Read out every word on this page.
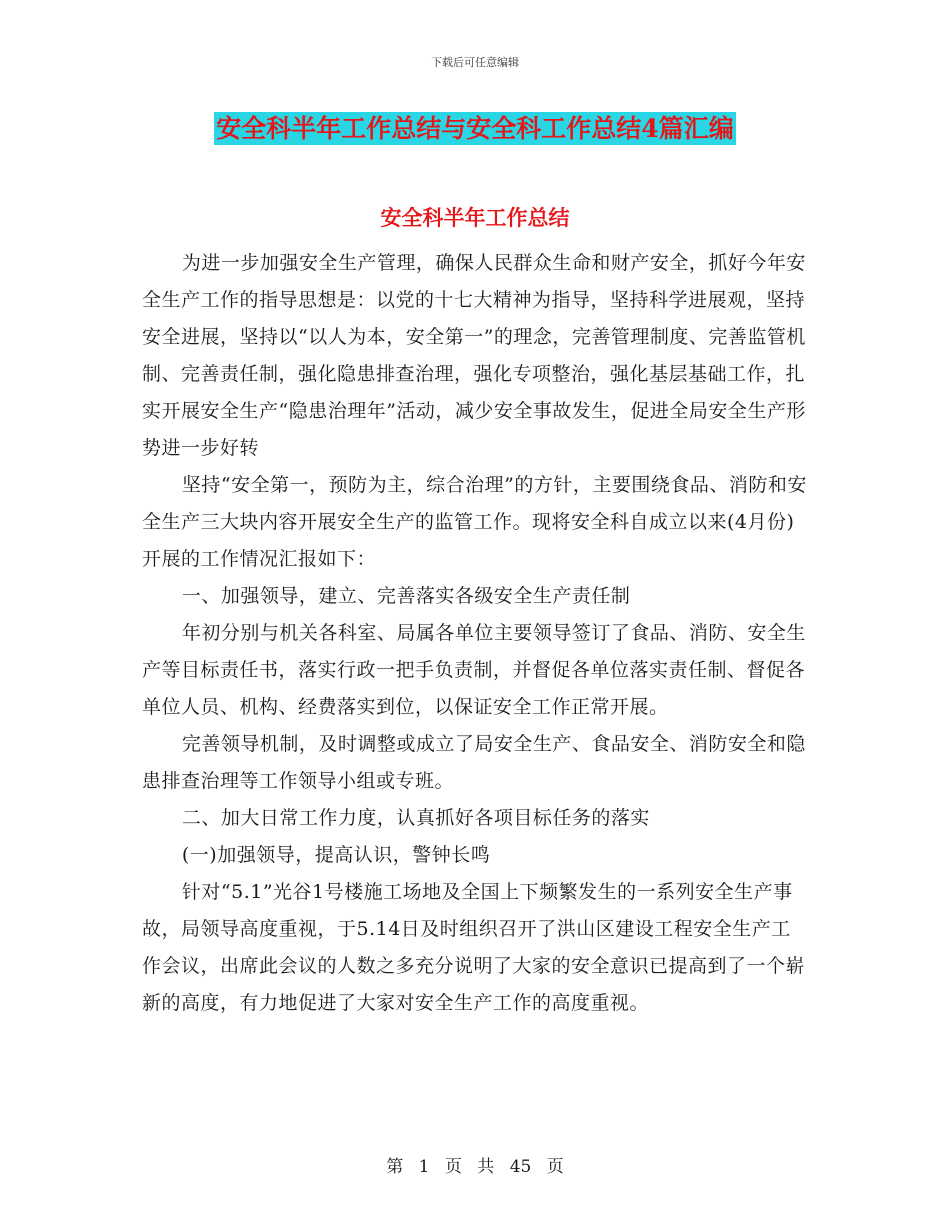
下载后可任意编辑
安全科半年工作总结与安全科工作总结4篇汇编
安全科半年工作总结

为进一步加强安全生产管理，确保人民群众生命和财产安全，抓好今年安全生产工作的指导思想是：以党的十七大精神为指导，坚持科学进展观，坚持安全进展，坚持以“以人为本，安全第一”的理念，完善管理制度、完善监管机制、完善责任制，强化隐患排查治理，强化专项整治，强化基层基础工作，扎实开展安全生产“隐患治理年”活动，减少安全事故发生，促进全局安全生产形势进一步好转

坚持“安全第一，预防为主，综合治理”的方针，主要围绕食品、消防和安全生产三大块内容开展安全生产的监管工作。现将安全科自成立以来(4月份)开展的工作情况汇报如下：

一、加强领导，建立、完善落实各级安全生产责任制

年初分别与机关各科室、局属各单位主要领导签订了食品、消防、安全生产等目标责任书，落实行政一把手负责制，并督促各单位落实责任制、督促各单位人员、机构、经费落实到位，以保证安全工作正常开展。

完善领导机制，及时调整或成立了局安全生产、食品安全、消防安全和隐患排查治理等工作领导小组或专班。

二、加大日常工作力度，认真抓好各项目标任务的落实

(一)加强领导，提高认识，警钟长鸣

针对“5.1”光谷1号楼施工场地及全国上下频繁发生的一系列安全生产事故，局领导高度重视，于5.14日及时组织召开了洪山区建设工程安全生产工作会议，出席此会议的人数之多充分说明了大家的安全意识已提高到了一个崭新的高度，有力地促进了大家对安全生产工作的高度重视。

第 1 页 共 45 页
